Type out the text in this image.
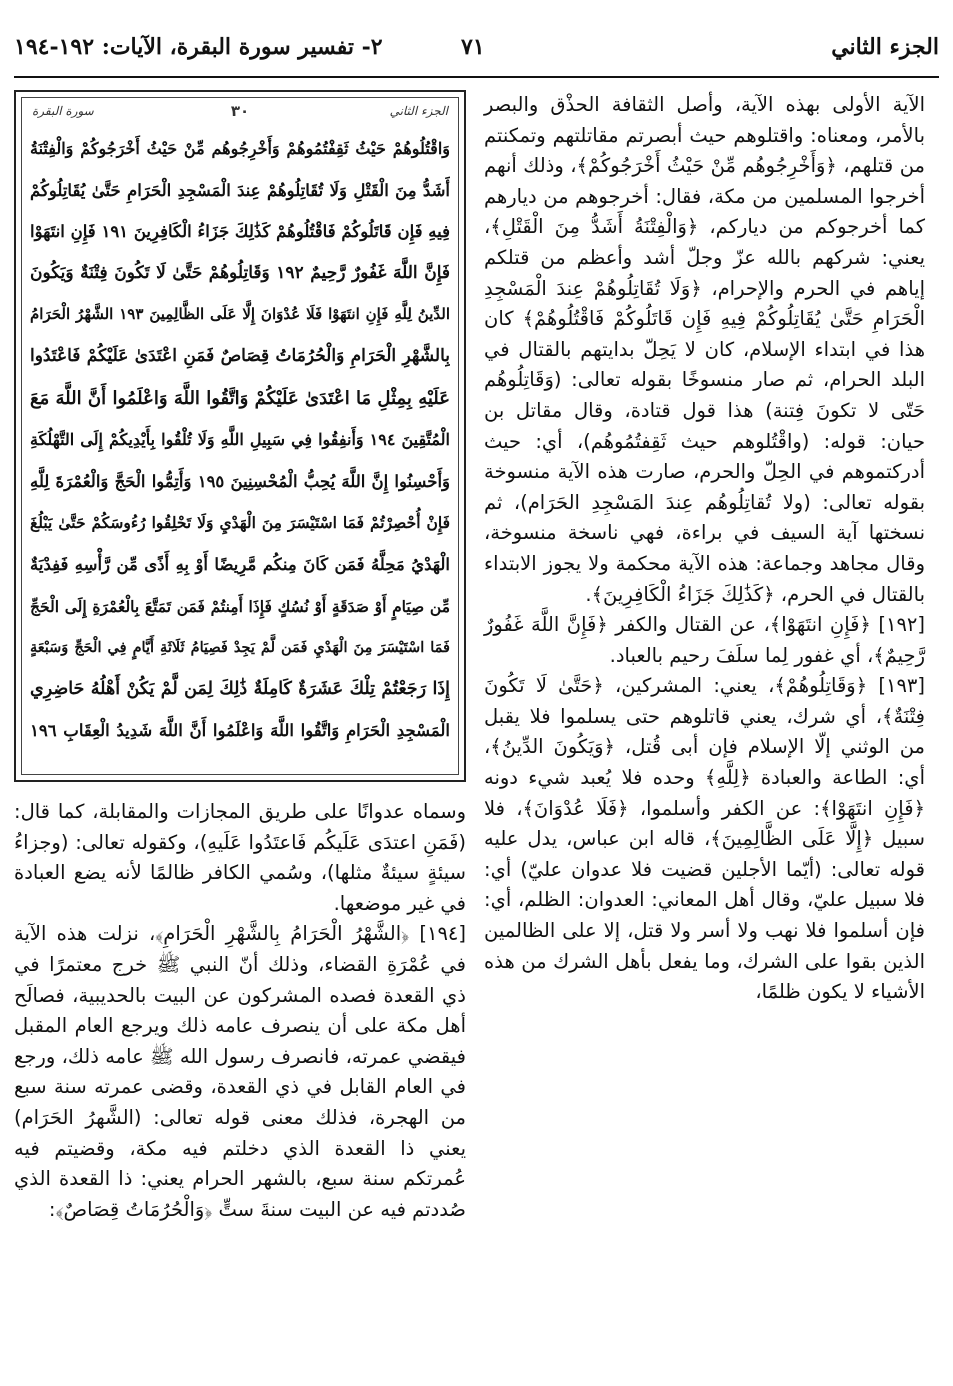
الجزء الثاني
٧١
٢- تفسير سورة البقرة، الآيات: ١٩٢-١٩٤

الآية الأولى بهذه الآية، وأصل الثقافة الحذْق والبصر بالأمر، ومعناه: واقتلوهم حيث أبصرتم مقاتلتهم وتمكنتم من قتلهم، ﴿وَأَخْرِجُوهُم مِّنْ حَيْثُ أَخْرَجُوكُمْ﴾، وذلك أنهم أخرجوا المسلمين من مكة، فقال: أخرجوهم من ديارهم كما أخرجوكم من دياركم، ﴿وَالْفِتْنَةُ أَشَدُّ مِنَ الْقَتْلِ﴾، يعني: شركهم بالله عزّ وجلّ أشد وأعظم من قتلكم إياهم في الحرم والإحرام، ﴿وَلَا تُقَاتِلُوهُمْ عِندَ الْمَسْجِدِ الْحَرَامِ حَتَّىٰ يُقَاتِلُوكُمْ فِيهِ فَإِن قَاتَلُوكُمْ فَاقْتُلُوهُمْ﴾ كان هذا في ابتداء الإسلام، كان لا يَحِلّ بدايتهم بالقتال في البلد الحرام، ثم صار منسوخًا بقوله تعالى: (وَقَاتِلُوهُم حَتّى لا تكونَ فِتنة) هذا قول قتادة، وقال مقاتل بن حيان: قوله: (واقْتُلوهم حيث ثَقِفتُمُوهُم)، أي: حيث أدركتموهم في الحِلّ والحرم، صارت هذه الآية منسوخة بقوله تعالى: (ولا تُقاتِلُوهُم عِندَ المَسْجِدِ الحَرَام)، ثم نسختها آية السيف في براءة، فهي ناسخة منسوخة، وقال مجاهد وجماعة: هذه الآية محكمة ولا يجوز الابتداء بالقتال في الحرم، ﴿كَذَٰلِكَ جَزَاءُ الْكَافِرِينَ﴾.

[١٩٢] ﴿فَإِنِ انتَهَوْا﴾، عن القتال والكفر ﴿فَإِنَّ اللَّهَ غَفُورٌ رَّحِيمٌ﴾، أي غفور لِما سلَفَ رحيم بالعباد.

[١٩٣] ﴿وَقَاتِلُوهُمْ﴾، يعني: المشركين، ﴿حَتَّىٰ لَا تَكُونَ فِتْنَةٌ﴾، أي شرك، يعني قاتلوهم حتى يسلموا فلا يقبل من الوثني إلّا الإسلام فإن أبى قُتل، ﴿وَيَكُونَ الدِّينُ﴾، أي: الطاعة والعبادة ﴿لِلَّهِ﴾ وحده فلا يُعبد شيء دونه ﴿فَإِنِ انتَهَوْا﴾: عن الكفر وأسلموا، ﴿فَلَا عُدْوَانَ﴾، فلا سبيل ﴿إِلَّا عَلَى الظَّالِمِينَ﴾، قاله ابن عباس، يدل عليه قوله تعالى: (أيّما الأجلين قضيت فلا عدوان عليّ) أي: فلا سبيل عليّ، وقال أهل المعاني: العدوان: الظلم، أي: فإن أسلموا فلا نهب ولا أسر ولا قتل، إلا على الظالمين الذين بقوا على الشرك، وما يفعل بأهل الشرك من هذه الأشياء لا يكون ظلمًا،

الجزء الثاني
٣٠
سورة البقرة
وَاقْتُلُوهُمْ حَيْثُ ثَقِفْتُمُوهُمْ وَأَخْرِجُوهُم مِّنْ حَيْثُ أَخْرَجُوكُمْ وَالْفِتْنَةُ
أَشَدُّ مِنَ الْقَتْلِ وَلَا تُقَاتِلُوهُمْ عِندَ الْمَسْجِدِ الْحَرَامِ حَتَّىٰ يُقَاتِلُوكُمْ
فِيهِ فَإِن قَاتَلُوكُمْ فَاقْتُلُوهُمْ كَذَٰلِكَ جَزَاءُ الْكَافِرِينَ ١٩١ فَإِنِ انتَهَوْا
فَإِنَّ اللَّهَ غَفُورٌ رَّحِيمٌ ١٩٢ وَقَاتِلُوهُمْ حَتَّىٰ لَا تَكُونَ فِتْنَةٌ وَيَكُونَ
الدِّينُ لِلَّهِ فَإِنِ انتَهَوْا فَلَا عُدْوَانَ إِلَّا عَلَى الظَّالِمِينَ ١٩٣ الشَّهْرُ الْحَرَامُ
بِالشَّهْرِ الْحَرَامِ وَالْحُرُمَاتُ قِصَاصٌ فَمَنِ اعْتَدَىٰ عَلَيْكُمْ فَاعْتَدُوا
عَلَيْهِ بِمِثْلِ مَا اعْتَدَىٰ عَلَيْكُمْ وَاتَّقُوا اللَّهَ وَاعْلَمُوا أَنَّ اللَّهَ مَعَ
الْمُتَّقِينَ ١٩٤ وَأَنفِقُوا فِي سَبِيلِ اللَّهِ وَلَا تُلْقُوا بِأَيْدِيكُمْ إِلَى التَّهْلُكَةِ
وَأَحْسِنُوا إِنَّ اللَّهَ يُحِبُّ الْمُحْسِنِينَ ١٩٥ وَأَتِمُّوا الْحَجَّ وَالْعُمْرَةَ لِلَّهِ
فَإِنْ أُحْصِرْتُمْ فَمَا اسْتَيْسَرَ مِنَ الْهَدْيِ وَلَا تَحْلِقُوا رُءُوسَكُمْ حَتَّىٰ يَبْلُغَ
الْهَدْيُ مَحِلَّهُ فَمَن كَانَ مِنكُم مَّرِيضًا أَوْ بِهِ أَذًى مِّن رَّأْسِهِ فَفِدْيَةٌ
مِّن صِيَامٍ أَوْ صَدَقَةٍ أَوْ نُسُكٍ فَإِذَا أَمِنتُمْ فَمَن تَمَتَّعَ بِالْعُمْرَةِ إِلَى الْحَجِّ
فَمَا اسْتَيْسَرَ مِنَ الْهَدْيِ فَمَن لَّمْ يَجِدْ فَصِيَامُ ثَلَاثَةِ أَيَّامٍ فِي الْحَجِّ وَسَبْعَةٍ
إِذَا رَجَعْتُمْ تِلْكَ عَشَرَةٌ كَامِلَةٌ ذَٰلِكَ لِمَن لَّمْ يَكُنْ أَهْلُهُ حَاضِرِي
الْمَسْجِدِ الْحَرَامِ وَاتَّقُوا اللَّهَ وَاعْلَمُوا أَنَّ اللَّهَ شَدِيدُ الْعِقَابِ ١٩٦

وسماه عدوانًا على طريق المجازات والمقابلة، كما قال: (فَمَنِ اعتدَى عَلَيكُم فَاعتَدُوا عَلَيهِ)، وكقوله تعالى: (وجزاءُ سيئةٍ سيئةٌ مثلها)، وسُمي الكافر ظالمًا لأنه يضع العبادة في غير موضعها.

[١٩٤] ﴿الشَّهْرُ الْحَرَامُ بِالشَّهْرِ الْحَرَامِ﴾، نزلت هذه الآية في عُمْرَةِ القضاء، وذلك أنّ النبي ﷺ خرج معتمرًا في ذي القعدة فصده المشركون عن البيت بالحديبية، فصالَح أهل مكة على أن ينصرف عامه ذلك ويرجع العام المقبل فيقضي عمرته، فانصرف رسول الله ﷺ عامه ذلك، ورجع في العام القابل في ذي القعدة، وقضى عمرته سنة سبع من الهجرة، فذلك معنى قوله تعالى: (الشَّهرُ الحَرَام) يعني ذا القعدة الذي دخلتم فيه مكة، وقضيتم فيه عُمرتكم سنة سبع، بالشهر الحرام يعني: ذا القعدة الذي صُددتم فيه عن البيت سنةَ ستٍّ ﴿وَالْحُرُمَاتُ قِصَاصٌ﴾:
